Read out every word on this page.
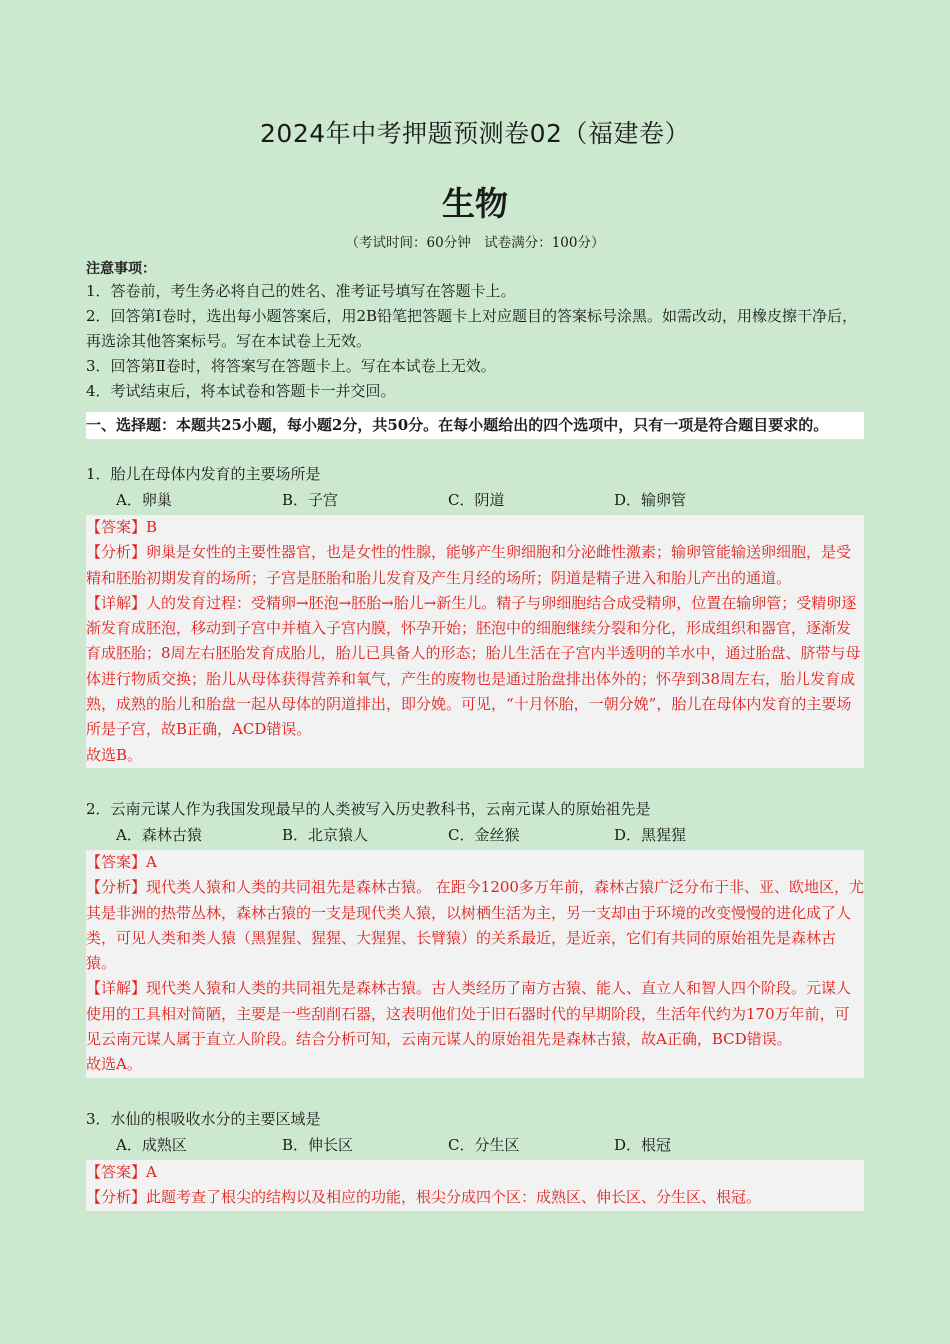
2024年中考押题预测卷02（福建卷）
生物
（考试时间：60分钟　试卷满分：100分）
注意事项：
1．答卷前，考生务必将自己的姓名、准考证号填写在答题卡上。
2．回答第Ⅰ卷时，选出每小题答案后，用2B铅笔把答题卡上对应题目的答案标号涂黑。如需改动，用橡皮擦干净后，再选涂其他答案标号。写在本试卷上无效。
3．回答第Ⅱ卷时，将答案写在答题卡上。写在本试卷上无效。
4．考试结束后，将本试卷和答题卡一并交回。
一、选择题：本题共25小题，每小题2分，共50分。在每小题给出的四个选项中，只有一项是符合题目要求的。
1．胎儿在母体内发育的主要场所是
A．卵巢	B．子宫	C．阴道	D．输卵管
【答案】B
【分析】卵巢是女性的主要性器官，也是女性的性腺，能够产生卵细胞和分泌雌性激素；输卵管能输送卵细胞，是受精和胚胎初期发育的场所；子宫是胚胎和胎儿发育及产生月经的场所；阴道是精子进入和胎儿产出的通道。
【详解】人的发育过程：受精卵→胚泡→胚胎→胎儿→新生儿。精子与卵细胞结合成受精卵，位置在输卵管；受精卵逐渐发育成胚泡，移动到子宫中并植入子宫内膜，怀孕开始；胚泡中的细胞继续分裂和分化，形成组织和器官，逐渐发育成胚胎；8周左右胚胎发育成胎儿，胎儿已具备人的形态；胎儿生活在子宫内半透明的羊水中，通过胎盘、脐带与母体进行物质交换；胎儿从母体获得营养和氧气，产生的废物也是通过胎盘排出体外的；怀孕到38周左右，胎儿发育成熟，成熟的胎儿和胎盘一起从母体的阴道排出，即分娩。可见，“十月怀胎，一朝分娩”，胎儿在母体内发育的主要场所是子宫，故B正确，ACD错误。
故选B。
2．云南元谋人作为我国发现最早的人类被写入历史教科书，云南元谋人的原始祖先是
A．森林古猿	B．北京猿人	C．金丝猴	D．黑猩猩
【答案】A
【分析】现代类人猿和人类的共同祖先是森林古猿。 在距今1200多万年前，森林古猿广泛分布于非、亚、欧地区，尤其是非洲的热带丛林，森林古猿的一支是现代类人猿，以树栖生活为主，另一支却由于环境的改变慢慢的进化成了人类，可见人类和类人猿（黑猩猩、猩猩、大猩猩、长臂猿）的关系最近，是近亲，它们有共同的原始祖先是森林古猿。
【详解】现代类人猿和人类的共同祖先是森林古猿。古人类经历了南方古猿、能人、直立人和智人四个阶段。元谋人使用的工具相对简陋，主要是一些刮削石器，这表明他们处于旧石器时代的早期阶段，生活年代约为170万年前，可见云南元谋人属于直立人阶段。结合分析可知，云南元谋人的原始祖先是森林古猿，故A正确，BCD错误。
故选A。
3．水仙的根吸收水分的主要区域是
A．成熟区	B．伸长区	C．分生区	D．根冠
【答案】A
【分析】此题考查了根尖的结构以及相应的功能，根尖分成四个区：成熟区、伸长区、分生区、根冠。
